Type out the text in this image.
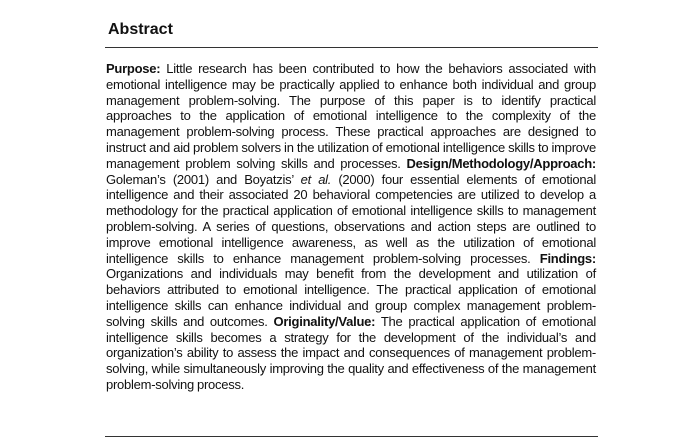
Abstract
Purpose: Little research has been contributed to how the behaviors associated with emotional intelligence may be practically applied to enhance both individual and group management problem-solving. The purpose of this paper is to identify practical approaches to the application of emotional intelligence to the complexity of the management problem-solving process. These practical approaches are designed to instruct and aid problem solvers in the utilization of emotional intelligence skills to improve management problem solving skills and processes. Design/Methodology/Approach: Goleman’s (2001) and Boyatzis’ et al. (2000) four essential elements of emotional intelligence and their associated 20 behavioral competencies are utilized to develop a methodology for the practical application of emotional intelligence skills to management problem-solving. A series of questions, observations and action steps are outlined to improve emotional intelligence awareness, as well as the utilization of emotional intelligence skills to enhance management problem-solving processes. Findings: Organizations and individuals may benefit from the development and utilization of behaviors attributed to emotional intelligence. The practical application of emotional intelligence skills can enhance individual and group complex management problem-solving skills and outcomes. Originality/Value: The practical application of emotional intelligence skills becomes a strategy for the development of the individual’s and organization’s ability to assess the impact and consequences of management problem-solving, while simultaneously improving the quality and effectiveness of the management problem-solving process.
